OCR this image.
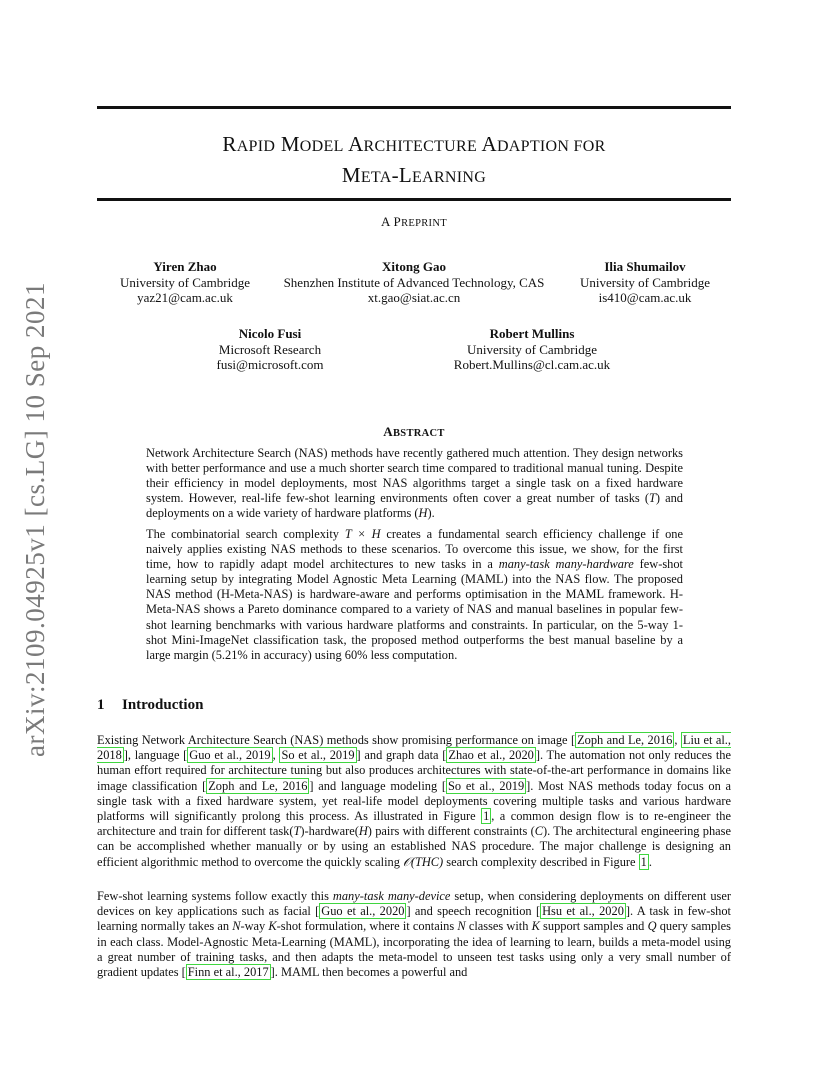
arXiv:2109.04925v1 [cs.LG] 10 Sep 2021
RAPID MODEL ARCHITECTURE ADAPTION FOR
META-LEARNING
A PREPRINT
Yiren Zhao
University of Cambridge
yaz21@cam.ac.uk
Xitong Gao
Shenzhen Institute of Advanced Technology, CAS
xt.gao@siat.ac.cn
Ilia Shumailov
University of Cambridge
is410@cam.ac.uk
Nicolo Fusi
Microsoft Research
fusi@microsoft.com
Robert Mullins
University of Cambridge
Robert.Mullins@cl.cam.ac.uk
ABSTRACT
Network Architecture Search (NAS) methods have recently gathered much attention. They design networks with better performance and use a much shorter search time compared to traditional manual tuning. Despite their efficiency in model deployments, most NAS algorithms target a single task on a fixed hardware system. However, real-life few-shot learning environments often cover a great number of tasks (T) and deployments on a wide variety of hardware platforms (H).
The combinatorial search complexity T × H creates a fundamental search efficiency challenge if one naively applies existing NAS methods to these scenarios. To overcome this issue, we show, for the first time, how to rapidly adapt model architectures to new tasks in a many-task many-hardware few-shot learning setup by integrating Model Agnostic Meta Learning (MAML) into the NAS flow. The proposed NAS method (H-Meta-NAS) is hardware-aware and performs optimisation in the MAML framework. H-Meta-NAS shows a Pareto dominance compared to a variety of NAS and manual baselines in popular few-shot learning benchmarks with various hardware platforms and constraints. In particular, on the 5-way 1-shot Mini-ImageNet classification task, the proposed method outperforms the best manual baseline by a large margin (5.21% in accuracy) using 60% less computation.
1 Introduction
Existing Network Architecture Search (NAS) methods show promising performance on image [ Zoph and Le, 2016 , Liu et al., 2018 ], language [ Guo et al., 2019 , So et al., 2019 ] and graph data [ Zhao et al., 2020 ]. The automation not only reduces the human effort required for architecture tuning but also produces architectures with state-of-the-art performance in domains like image classification [ Zoph and Le, 2016 ] and language modeling [ So et al., 2019 ]. Most NAS methods today focus on a single task with a fixed hardware system, yet real-life model deployments covering multiple tasks and various hardware platforms will significantly prolong this process. As illustrated in Figure 1 , a common design flow is to re-engineer the architecture and train for different task(T)-hardware(H) pairs with different constraints (C). The architectural engineering phase can be accomplished whether manually or by using an established NAS procedure. The major challenge is designing an efficient algorithmic method to overcome the quickly scaling 𝒪(THC) search complexity described in Figure 1 .
Few-shot learning systems follow exactly this many-task many-device setup, when considering deployments on different user devices on key applications such as facial [ Guo et al., 2020 ] and speech recognition [ Hsu et al., 2020 ]. A task in few-shot learning normally takes an N-way K-shot formulation, where it contains N classes with K support samples and Q query samples in each class. Model-Agnostic Meta-Learning (MAML), incorporating the idea of learning to learn, builds a meta-model using a great number of training tasks, and then adapts the meta-model to unseen test tasks using only a very small number of gradient updates [ Finn et al., 2017 ]. MAML then becomes a powerful and
